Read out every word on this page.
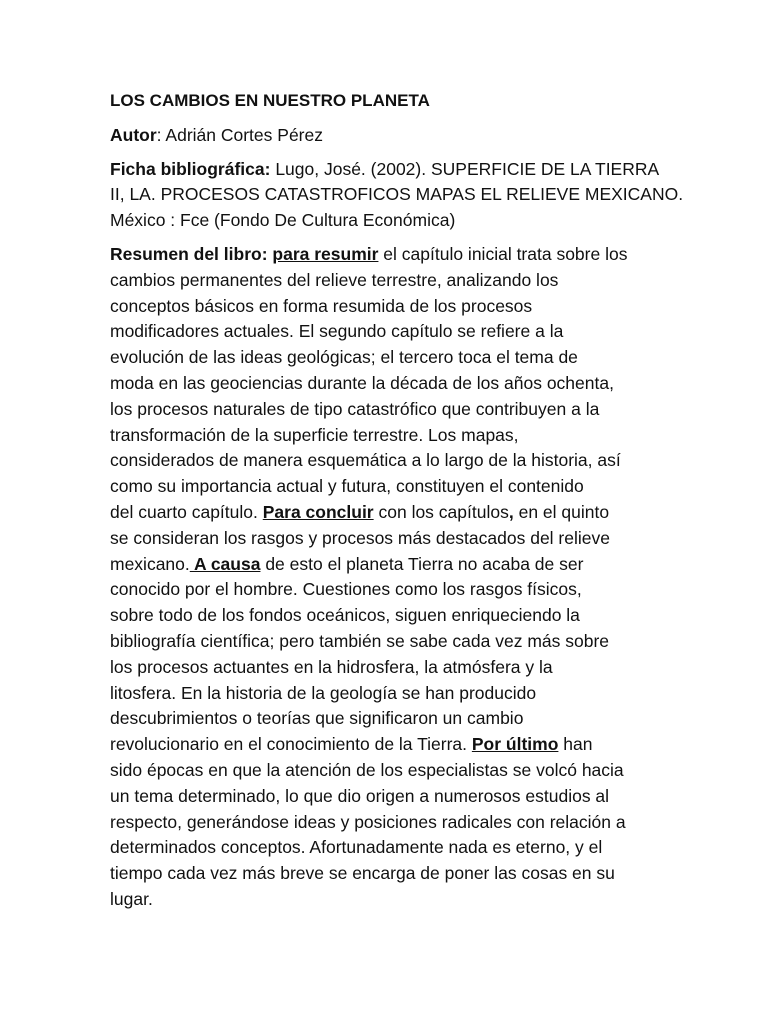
LOS CAMBIOS EN NUESTRO PLANETA
Autor: Adrián Cortes Pérez
Ficha bibliográfica: Lugo, José. (2002). SUPERFICIE DE LA TIERRA
II, LA. PROCESOS CATASTROFICOS MAPAS EL RELIEVE MEXICANO.
México : Fce (Fondo De Cultura Económica)
Resumen del libro: para resumir el capítulo inicial trata sobre los
cambios permanentes del relieve terrestre, analizando los
conceptos básicos en forma resumida de los procesos
modificadores actuales. El segundo capítulo se refiere a la
evolución de las ideas geológicas; el tercero toca el tema de
moda en las geociencias durante la década de los años ochenta,
los procesos naturales de tipo catastrófico que contribuyen a la
transformación de la superficie terrestre. Los mapas,
considerados de manera esquemática a lo largo de la historia, así
como su importancia actual y futura, constituyen el contenido
del cuarto capítulo. Para concluir con los capítulos, en el quinto
se consideran los rasgos y procesos más destacados del relieve
mexicano. A causa de esto el planeta Tierra no acaba de ser
conocido por el hombre. Cuestiones como los rasgos físicos,
sobre todo de los fondos oceánicos, siguen enriqueciendo la
bibliografía científica; pero también se sabe cada vez más sobre
los procesos actuantes en la hidrosfera, la atmósfera y la
litosfera. En la historia de la geología se han producido
descubrimientos o teorías que significaron un cambio
revolucionario en el conocimiento de la Tierra. Por último han
sido épocas en que la atención de los especialistas se volcó hacia
un tema determinado, lo que dio origen a numerosos estudios al
respecto, generándose ideas y posiciones radicales con relación a
determinados conceptos. Afortunadamente nada es eterno, y el
tiempo cada vez más breve se encarga de poner las cosas en su
lugar.
